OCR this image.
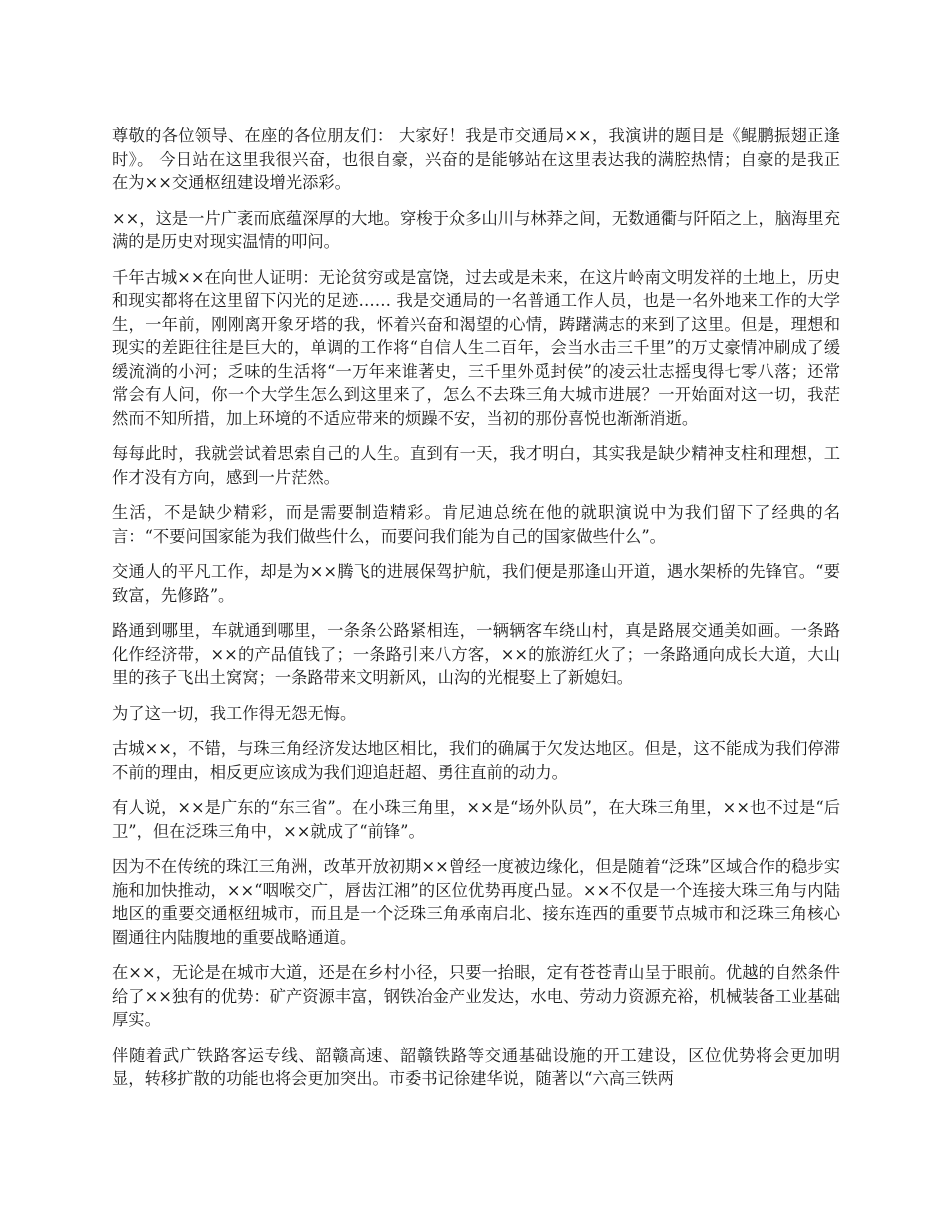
尊敬的各位领导、在座的各位朋友们： 大家好！我是市交通局××，我演讲的题目是《鲲鹏振翅正逢时》。 今日站在这里我很兴奋，也很自豪，兴奋的是能够站在这里表达我的满腔热情；自豪的是我正在为××交通枢纽建设增光添彩。

××，这是一片广袤而底蕴深厚的大地。穿梭于众多山川与林莽之间，无数通衢与阡陌之上，脑海里充满的是历史对现实温情的叩问。

千年古城××在向世人证明：无论贫穷或是富饶，过去或是未来，在这片岭南文明发祥的土地上，历史和现实都将在这里留下闪光的足迹…… 我是交通局的一名普通工作人员，也是一名外地来工作的大学生，一年前，刚刚离开象牙塔的我，怀着兴奋和渴望的心情，踌躇满志的来到了这里。但是，理想和现实的差距往往是巨大的，单调的工作将“自信人生二百年，会当水击三千里”的万丈豪情冲刷成了缓缓流淌的小河；乏味的生活将“一万年来谁著史，三千里外觅封侯”的凌云壮志摇曳得七零八落；还常常会有人问，你一个大学生怎么到这里来了，怎么不去珠三角大城市进展？一开始面对这一切，我茫然而不知所措，加上环境的不适应带来的烦躁不安，当初的那份喜悦也渐渐消逝。

每每此时，我就尝试着思索自己的人生。直到有一天，我才明白，其实我是缺少精神支柱和理想，工作才没有方向，感到一片茫然。

生活，不是缺少精彩，而是需要制造精彩。肯尼迪总统在他的就职演说中为我们留下了经典的名言：“不要问国家能为我们做些什么，而要问我们能为自己的国家做些什么”。

交通人的平凡工作，却是为××腾飞的进展保驾护航，我们便是那逢山开道，遇水架桥的先锋官。“要致富，先修路”。

路通到哪里，车就通到哪里，一条条公路紧相连，一辆辆客车绕山村，真是路展交通美如画。一条路化作经济带，××的产品值钱了；一条路引来八方客，××的旅游红火了；一条路通向成长大道，大山里的孩子飞出土窝窝；一条路带来文明新风，山沟的光棍娶上了新媳妇。

为了这一切，我工作得无怨无悔。

古城××，不错，与珠三角经济发达地区相比，我们的确属于欠发达地区。但是，这不能成为我们停滞不前的理由，相反更应该成为我们迎追赶超、勇往直前的动力。

有人说，××是广东的“东三省”。在小珠三角里，××是“场外队员”，在大珠三角里，××也不过是“后卫”，但在泛珠三角中，××就成了“前锋”。

因为不在传统的珠江三角洲，改革开放初期××曾经一度被边缘化，但是随着“泛珠”区域合作的稳步实施和加快推动，××“咽喉交广，唇齿江湘”的区位优势再度凸显。××不仅是一个连接大珠三角与内陆地区的重要交通枢纽城市，而且是一个泛珠三角承南启北、接东连西的重要节点城市和泛珠三角核心圈通往内陆腹地的重要战略通道。

在××，无论是在城市大道，还是在乡村小径，只要一抬眼，定有苍苍青山呈于眼前。优越的自然条件给了××独有的优势：矿产资源丰富，钢铁冶金产业发达，水电、劳动力资源充裕，机械装备工业基础厚实。

伴随着武广铁路客运专线、韶赣高速、韶赣铁路等交通基础设施的开工建设，区位优势将会更加明显，转移扩散的功能也将会更加突出。市委书记徐建华说，随著以“六高三铁两
